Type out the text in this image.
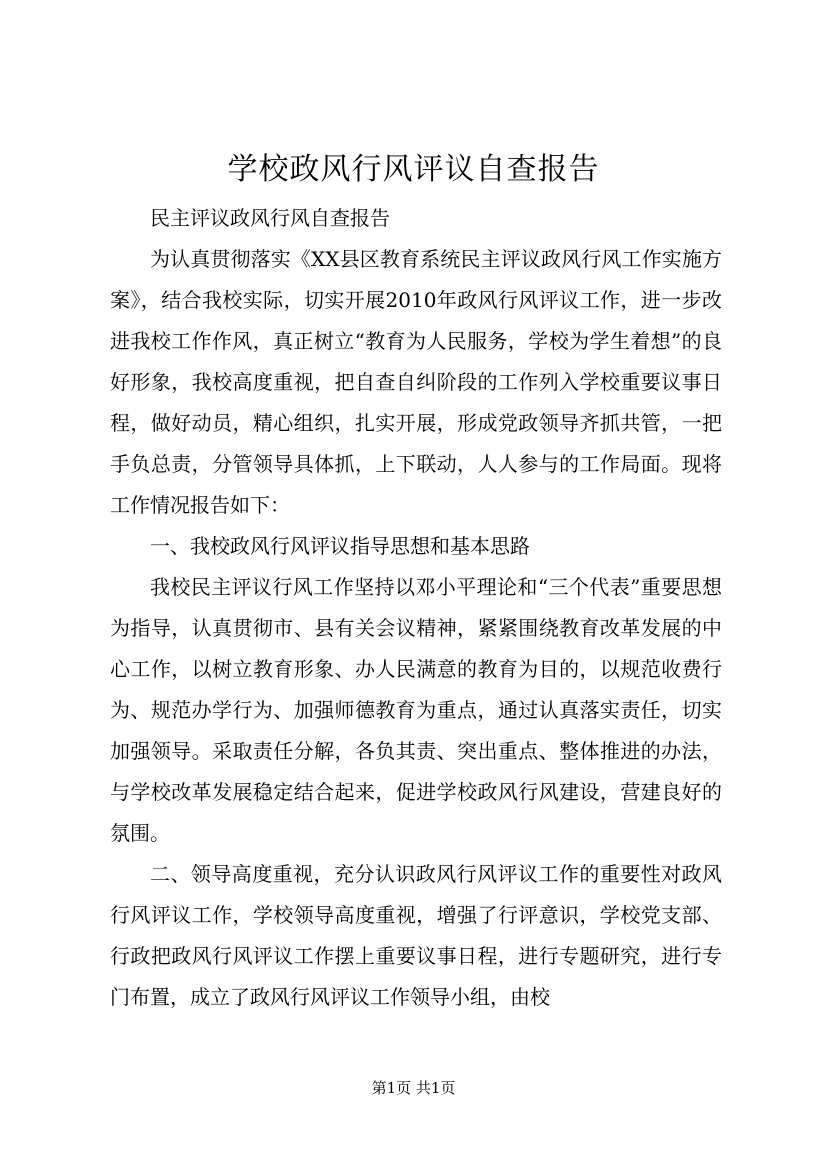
学校政风行风评议自查报告

民主评议政风行风自查报告

为认真贯彻落实《XX县区教育系统民主评议政风行风工作实施方案》，结合我校实际，切实开展2010年政风行风评议工作，进一步改进我校工作作风，真正树立“教育为人民服务，学校为学生着想”的良好形象，我校高度重视，把自查自纠阶段的工作列入学校重要议事日程，做好动员，精心组织，扎实开展，形成党政领导齐抓共管，一把手负总责，分管领导具体抓，上下联动，人人参与的工作局面。现将工作情况报告如下：

一、我校政风行风评议指导思想和基本思路

我校民主评议行风工作坚持以邓小平理论和“三个代表”重要思想为指导，认真贯彻市、县有关会议精神，紧紧围绕教育改革发展的中心工作，以树立教育形象、办人民满意的教育为目的，以规范收费行为、规范办学行为、加强师德教育为重点，通过认真落实责任，切实加强领导。采取责任分解，各负其责、突出重点、整体推进的办法，与学校改革发展稳定结合起来，促进学校政风行风建设，营建良好的氛围。

二、领导高度重视，充分认识政风行风评议工作的重要性对政风行风评议工作，学校领导高度重视，增强了行评意识，学校党支部、行政把政风行风评议工作摆上重要议事日程，进行专题研究，进行专门布置，成立了政风行风评议工作领导小组，由校

第1页 共1页
